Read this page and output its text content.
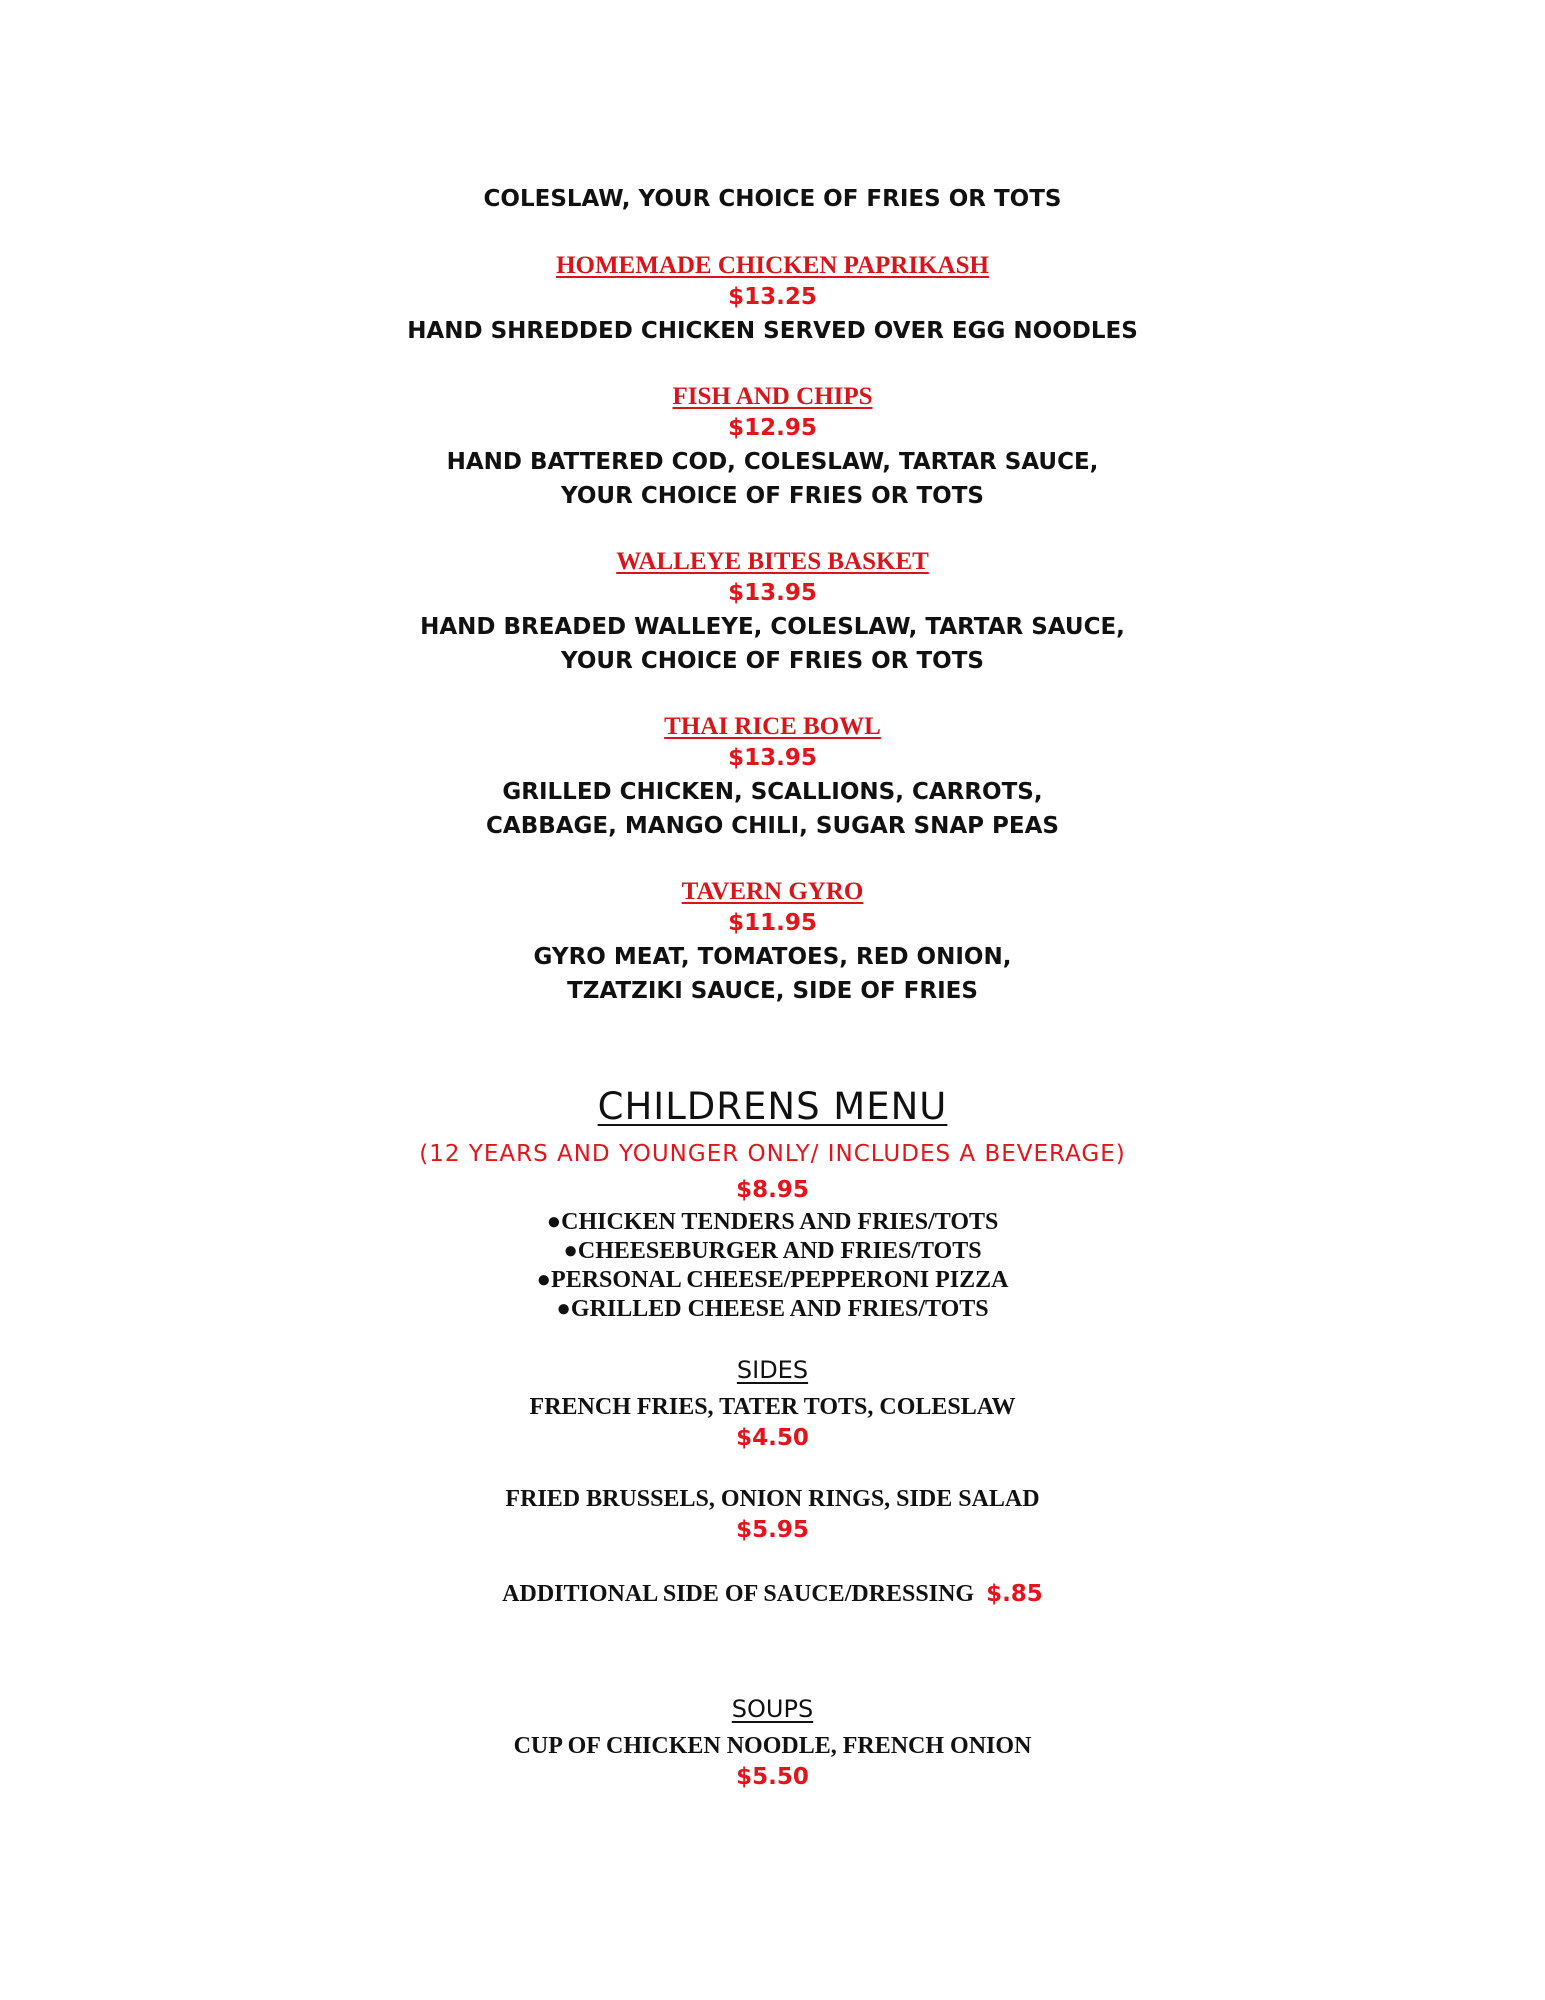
COLESLAW, YOUR CHOICE OF FRIES OR TOTS
HOMEMADE CHICKEN PAPRIKASH
$13.25
HAND SHREDDED CHICKEN SERVED OVER EGG NOODLES
FISH AND CHIPS
$12.95
HAND BATTERED COD, COLESLAW, TARTAR SAUCE,
YOUR CHOICE OF FRIES OR TOTS
WALLEYE BITES BASKET
$13.95
HAND BREADED WALLEYE, COLESLAW, TARTAR SAUCE,
YOUR CHOICE OF FRIES OR TOTS
THAI RICE BOWL
$13.95
GRILLED CHICKEN, SCALLIONS, CARROTS,
CABBAGE, MANGO CHILI, SUGAR SNAP PEAS
TAVERN GYRO
$11.95
GYRO MEAT, TOMATOES, RED ONION,
TZATZIKI SAUCE, SIDE OF FRIES
CHILDRENS MENU
(12 YEARS AND YOUNGER ONLY/ INCLUDES A BEVERAGE)
$8.95
●CHICKEN TENDERS AND FRIES/TOTS
●CHEESEBURGER AND FRIES/TOTS
●PERSONAL CHEESE/PEPPERONI PIZZA
●GRILLED CHEESE AND FRIES/TOTS
SIDES
FRENCH FRIES, TATER TOTS, COLESLAW
$4.50
FRIED BRUSSELS, ONION RINGS, SIDE SALAD
$5.95
ADDITIONAL SIDE OF SAUCE/DRESSING $.85
SOUPS
CUP OF CHICKEN NOODLE, FRENCH ONION
$5.50
